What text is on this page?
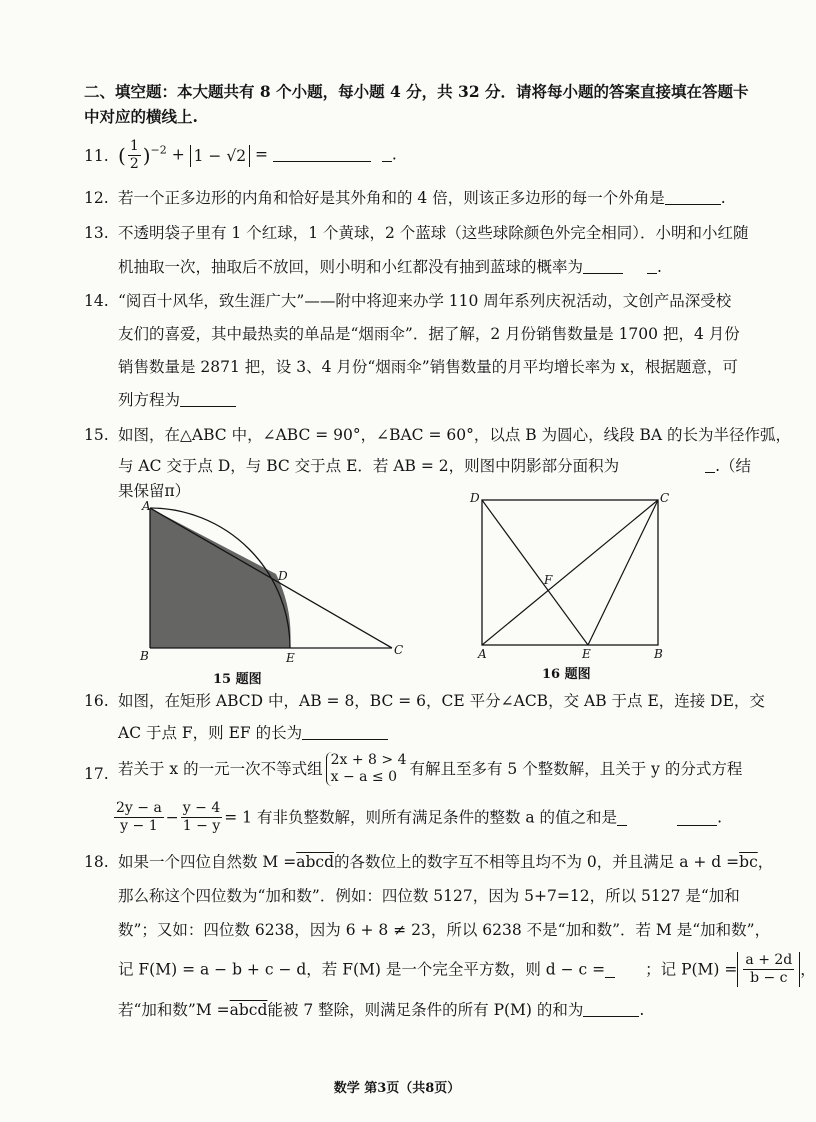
二、填空题：本大题共有 8 个小题，每小题 4 分，共 32 分．请将每小题的答案直接填在答题卡
中对应的横线上.
11. ( $\frac{1}{2} )^{-2} + 1 - √2$ =	.
12. 若一个正多边形的内角和恰好是其外角和的 4 倍，则该正多边形的每一个外角是	.
13. 不透明袋子里有 1 个红球，1 个黄球，2 个蓝球（这些球除颜色外完全相同）．小明和小红随
机抽取一次，抽取后不放回，则小明和小红都没有抽到蓝球的概率为	.
14. “阅百十风华，致生涯广大”——附中将迎来办学 110 周年系列庆祝活动，文创产品深受校
友们的喜爱，其中最热卖的单品是“烟雨伞”．据了解，2 月份销售数量是 1700 把，4 月份
销售数量是 2871 把，设 3、4 月份“烟雨伞”销售数量的月平均增长率为 x，根据题意，可
列方程为
15. 如图，在△ABC 中，∠ABC = 90°，∠BAC = 60°，以点 B 为圆心，线段 BA 的长为半径作弧，
与 AC 交于点 D，与 BC 交于点 E．若 AB = 2，则图中阴影部分面积为	.（结
果保留π）
A
B	C
D
E
15 题图
D	C
A	B
E
F
16 题图
16. 如图，在矩形 ABCD 中，AB = 8，BC = 6，CE 平分∠ACB，交 AB 于点 E，连接 DE，交
AC 于点 F，则 EF 的长为
17. 若关于 x 的一元一次不等式组 2x + 8 > 4
x − a ≤ 0 有解且至多有 5 个整数解，且关于 y 的分式方程
$\frac{2y - a}{y - 1} - \frac{y - 4}{1 - y} = 1$ 有非负整数解，则所有满足条件的整数 a 的值之和是	.
18. 如果一个四位自然数 M =abcd的各数位上的数字互不相等且均不为 0，并且满足 $a + d =\overline{bc}$，
那么称这个四位数为“加和数”．例如：四位数 5127，因为 5+7=12，所以 5127 是“加和
数”；又如：四位数 6238，因为 6 + 8 ≠ 23，所以 6238 不是“加和数”．若 M 是“加和数”，
记 F(M) = a − b + c − d，若 F(M) 是一个完全平方数，则 d − c =	；记 $P(M) = \frac{a + 2d}{b - c}$ ，
若“加和数”M =abcd能被 7 整除，则满足条件的所有 P(M) 的和为	.
数学 第3页（共8页）
